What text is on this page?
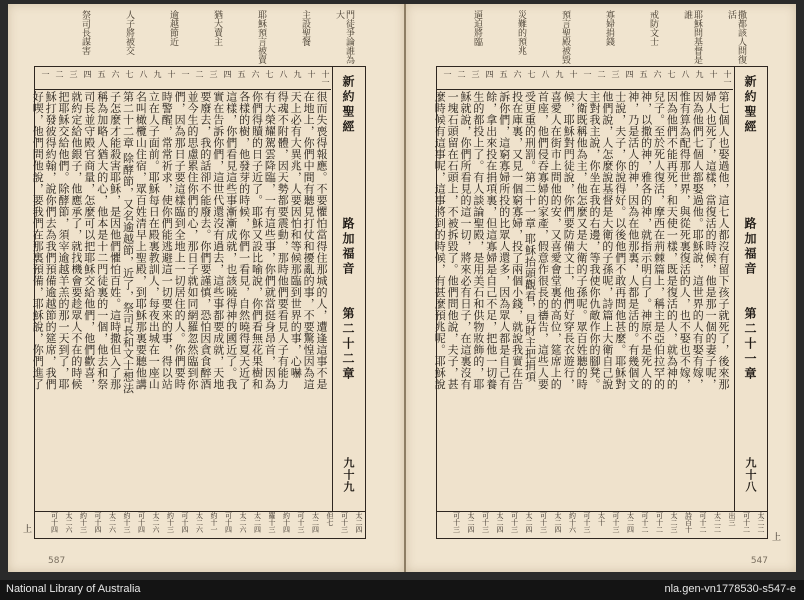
門徒爭論誰為大
主設聖餐
耶穌預言被賣
猶大賣主
逾越節近
人子將被交
祭司長謀害
十一
十
九
八
七
六
五
四
三
二
一
十
九
八
七
六
五
四
三
二
一
很而失喪得報應。不要懼怕當得住那城的人，遭逢這事不是
在地上，你們中間有聽見打仗和擾亂的事，不要驚惶因為這
天上必有大異兆，人要因怕和等候那臨到世界的事，心嚇
得魂不附體，因天勢都要震動，那時他們要看見人子有能力
有大榮耀駕雲降臨，一有這些事，你們就當挺身昂首，因為
你們得贖的日子近了。耶穌又設比喻說，你們看無花果樹和
各樣的樹，他發芽的時候，你們一看見，自然曉得夏天近了
這樣，你們看見這些事漸漸成就，也該曉得神的國近了。我
實在告訴你們，這世代還沒有過去，這些事都要成就，天地
要廢去，我的話卻不能廢去。你們要謹慎，恐怕因貪食醉酒
並今生的思慮累住你們的心，那日子就如同網羅忽然臨到你
們，因為那日子要這樣臨到全地上一切居住的人。你們要時
時警醒，常常祈求，使你們能逃避這一切要來的事，得以站
立在人子面前。耶穌每日在殿裏教訓人，每夜出城在一座山
名叫橄欖山住宿，眾百姓清早上聖殿，到耶穌那裏要聽他講
第二十二章 除酵節，又名逾越節，近了，祭司長和文士想法
子怎麼才能殺害耶穌，是因他們懼怕百姓。這時撒但入了那
稱為加略人猶大的心，他本是十二門徒裏的一個，他去和祭
司長並守殿官商量，怎麼可以把耶穌交給他們，他們歡喜，
就約定給他銀子，他應承了，就找機會要趁眾人不在的時候
把耶穌交給他們。除酵節，須宰逾越羊羔的那一天到了，耶
穌打發彼得約翰，說你們去為我們預備逾越節的筵席，我們
好喫，他們問他說，要我們在那裏預備，耶穌說，你們進了	新約聖經
路加福音
第二十二章
九十九
太二四
可十三
但七
太二四
可十三
約十四
羅十三
太二四
太二六
可十四
約十一
太二六
可十四
約十三
太二六
可十四
約十三
太二六
可十四
約十三
太二六
可十四
上
587
撒都該人問復活
耶穌問基督是誰
戒防文士
寡婦捐錢
預言聖殿被毀
災難的預兆
逼迫將臨
十一
十
九
八
七
六
五
四
三
二
一
十
九
八
七
六
五
四
三
二
一
第七個人也娶過他，這七人都沒有留下孩子就死了，後來那
婦人也死了，這樣，當復活的時候，他是那一個的妻子呢，
因為他們七個人都娶過他。耶穌說，這世界的人有娶有嫁，
惟有算為配得那世界，與從死裏復活的人，也不娶也不嫁，
因為他們不能再死，和天使一樣，既是復活的人，就為神的
兒子。至於死人復活，摩西在荊棘篇上，稱主是亞伯拉罕的
神，以撒的神，雅各的神，就指示明白了。神原不是死人的
神，乃是活人的神，因為在他那裏，人都是活的。有幾個文
士說，夫子，你說得好。以後他們不敢再問他甚麼。耶穌對
他們說，人怎麼說基督是大衛的子孫呢，詩篇上大衛自己說
主對我主說，你坐在我的右邊，等我使你仇敵作你的腳凳。
大衛既稱他為主，他怎麼又是大衛的子孫呢。眾百姓聽的時
候，耶穌對門徒說，你們要防備文士，他們好穿長衣遊行，
喜愛人在街市上問他的安，又喜愛會堂裏的高位，筵席上的
首座，他們侵吞寡婦的家產，假意作很長的禱告，這些人要
受更重的刑罰。第二十一章 耶穌抬頭觀看，見財主把捐項
投在庫裏，又見一個窮寡婦，投了兩個小錢，就說我實在告
訴你們，這窮寡婦所投的比眾人還多，因為眾人都是自己有
餘，拿出來投在捐項裏，但這寡婦是自己不足，把他一切養
生的都投上了。有人談論聖殿，是用美石和供物妝飾的，耶
穌就說，你們所看見的這一切，將來必有日子，在這裏沒有
一塊石頭留在石頭上，不被拆毀了。他們問他說，夫子，甚
麼時候有這事呢，這事將到的時候，有甚麼預兆呢。耶穌說	新約聖經
路加福音
第二十一章
九十八
太二二
可十二
出三
太二二
可十二
詩百十
太二三
可十二
可十二
太二四
可十三
太十
可十三
約十六
太二四
可十三
太二四
可十三
太二四
可十三
太二四
可十三
上
547
National Library of Australia	nla.gen-vn1778530-s547-e
